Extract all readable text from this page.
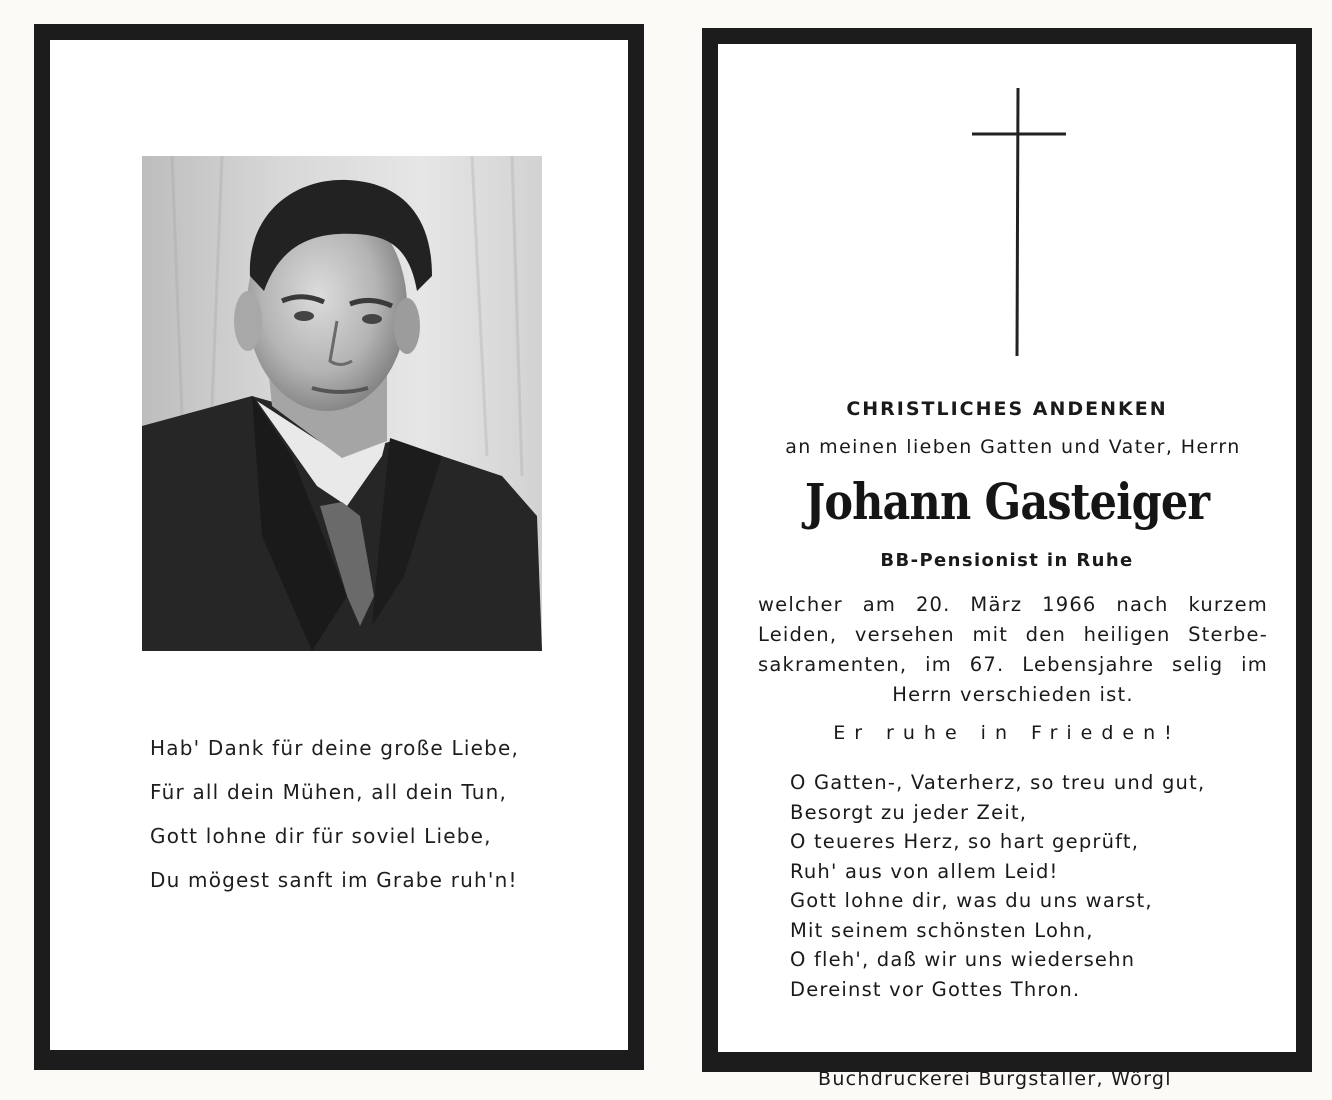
Hab' Dank für deine große Liebe,
Für all dein Mühen, all dein Tun,
Gott lohne dir für soviel Liebe,
Du mögest sanft im Grabe ruh'n!
CHRISTLICHES ANDENKEN
an meinen lieben Gatten und Vater, Herrn
Johann Gasteiger
BB-Pensionist in Ruhe
welcher am 20. März 1966 nach kurzem
Leiden, versehen mit den heiligen Sterbe-
sakramenten, im 67. Lebensjahre selig im
Herrn verschieden ist.
Er ruhe in Frieden!
O Gatten-, Vaterherz, so treu und gut,
Besorgt zu jeder Zeit,
O teueres Herz, so hart geprüft,
Ruh' aus von allem Leid!
Gott lohne dir, was du uns warst,
Mit seinem schönsten Lohn,
O fleh', daß wir uns wiedersehn
Dereinst vor Gottes Thron.
Buchdruckerei Burgstaller, Wörgl
